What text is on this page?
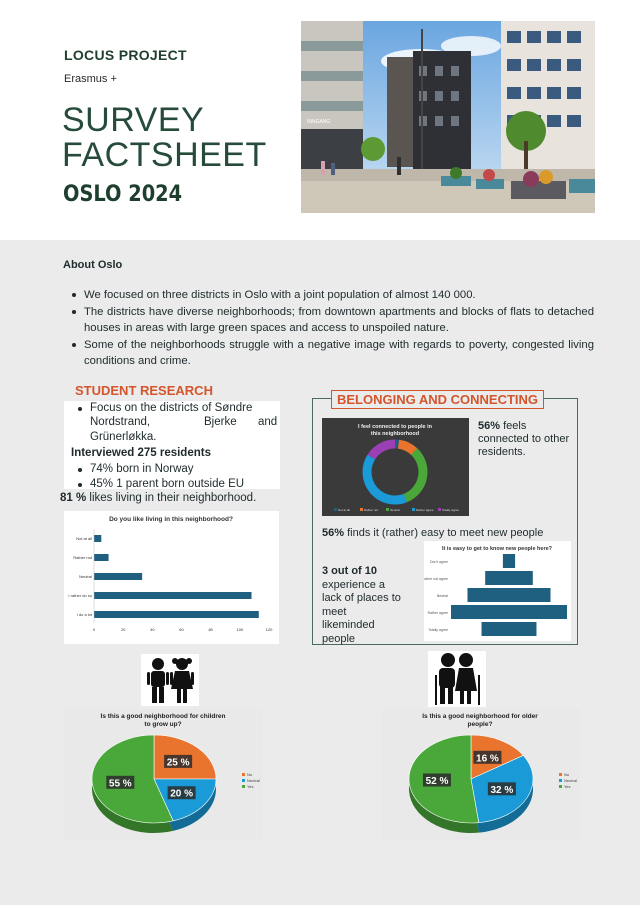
LOCUS PROJECT
Erasmus +
SURVEY
FACTSHEET
OSLO 2024
INNGANG
About Oslo
We focused on three districts in Oslo with a joint population of almost 140 000.
The districts have diverse neighborhoods; from downtown apartments and blocks of flats to detached houses in areas with large green spaces and access to unspoiled nature.
Some of the neighborhoods struggle with a negative image with regards to poverty, congested living conditions and crime.
STUDENT RESEARCH
Focus on the districts of Søndre
Nordstrand,	Bjerke and
Grünerløkka.
Interviewed 275 residents
74% born in Norway
45% 1 parent born outside EU
81 % likes living in their neighborhood.
Do you like living in this neighborhood?
Not at all
Rather not
Neutral
I rather do so
I do a lot
0	20	40	60	80	100	120
BELONGING AND CONNECTING
I feel connected to people in
this neighborhood
Not at all	Rather not	Neutral	Rather agree	Totally agree
56% feels
connected to other
residents.
56% finds it (rather) easy to meet new people
3 out of 10
experience a
lack of places to
meet
likeminded
people
It is easy to get to know new people here?
Don't agree
Rather not agree
Neutral
Rather agree
Totally agree
Is this a good neighborhood for children
to grow up?
25 %
20 %
55 %
No
Neutral
Yes
Is this a good neighborhood for older
people?
16 %
32 %
52 %
No
Neutral
Yes
